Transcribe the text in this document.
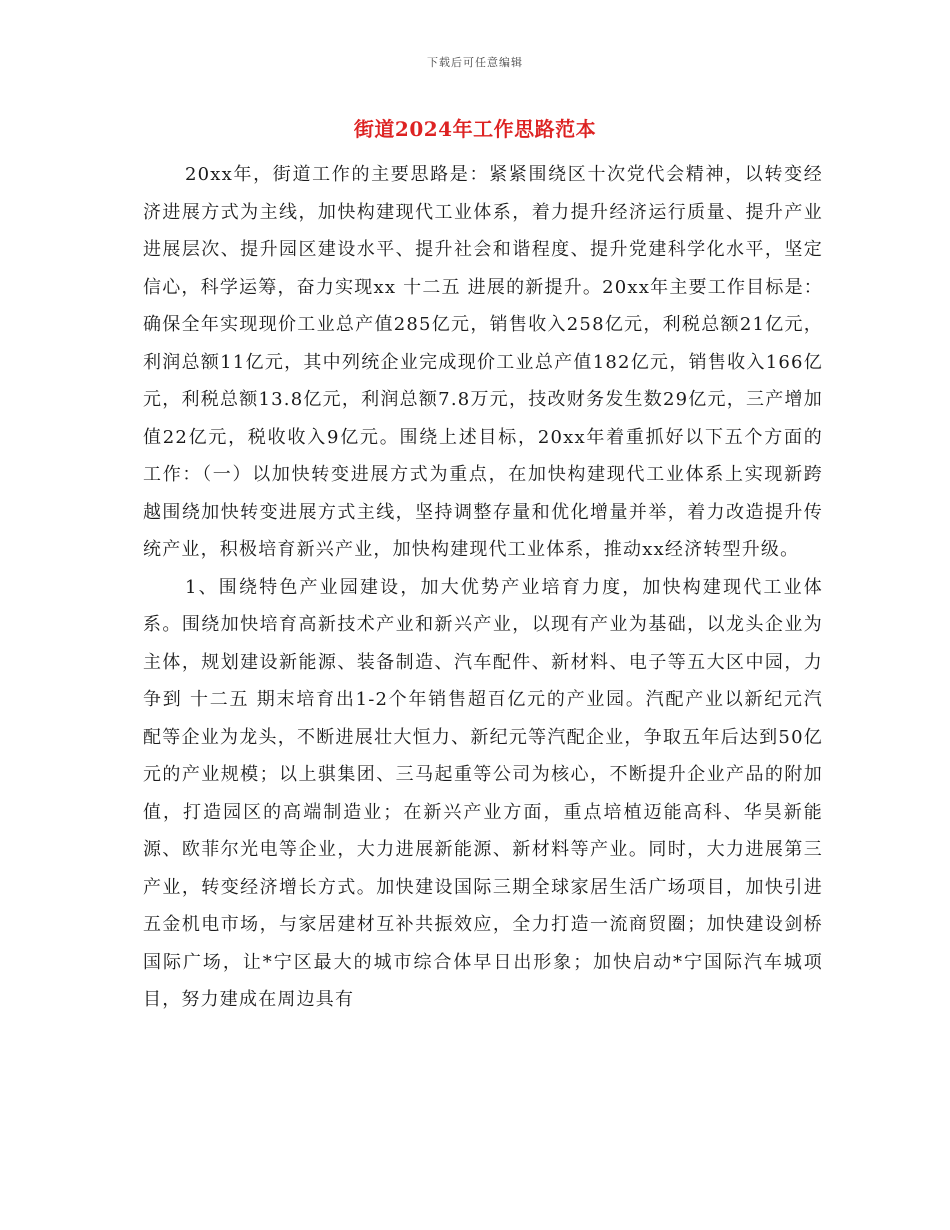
下载后可任意编辑
街道2024年工作思路范本

20xx年，街道工作的主要思路是：紧紧围绕区十次党代会精神，以转变经济进展方式为主线，加快构建现代工业体系，着力提升经济运行质量、提升产业进展层次、提升园区建设水平、提升社会和谐程度、提升党建科学化水平，坚定信心，科学运筹，奋力实现xx 十二五 进展的新提升。20xx年主要工作目标是：确保全年实现现价工业总产值285亿元，销售收入258亿元，利税总额21亿元，利润总额11亿元，其中列统企业完成现价工业总产值182亿元，销售收入166亿元，利税总额13.8亿元，利润总额7.8万元，技改财务发生数29亿元，三产增加值22亿元，税收收入9亿元。围绕上述目标，20xx年着重抓好以下五个方面的工作：（一）以加快转变进展方式为重点，在加快构建现代工业体系上实现新跨越围绕加快转变进展方式主线，坚持调整存量和优化增量并举，着力改造提升传统产业，积极培育新兴产业，加快构建现代工业体系，推动xx经济转型升级。

1、围绕特色产业园建设，加大优势产业培育力度，加快构建现代工业体系。围绕加快培育高新技术产业和新兴产业，以现有产业为基础，以龙头企业为主体，规划建设新能源、装备制造、汽车配件、新材料、电子等五大区中园，力争到 十二五 期末培育出1-2个年销售超百亿元的产业园。汽配产业以新纪元汽配等企业为龙头，不断进展壮大恒力、新纪元等汽配企业，争取五年后达到50亿元的产业规模；以上骐集团、三马起重等公司为核心，不断提升企业产品的附加值，打造园区的高端制造业；在新兴产业方面，重点培植迈能高科、华昊新能源、欧菲尔光电等企业，大力进展新能源、新材料等产业。同时，大力进展第三产业，转变经济增长方式。加快建设国际三期全球家居生活广场项目，加快引进五金机电市场，与家居建材互补共振效应，全力打造一流商贸圈；加快建设剑桥国际广场，让*宁区最大的城市综合体早日出形象；加快启动*宁国际汽车城项目，努力建成在周边具有
